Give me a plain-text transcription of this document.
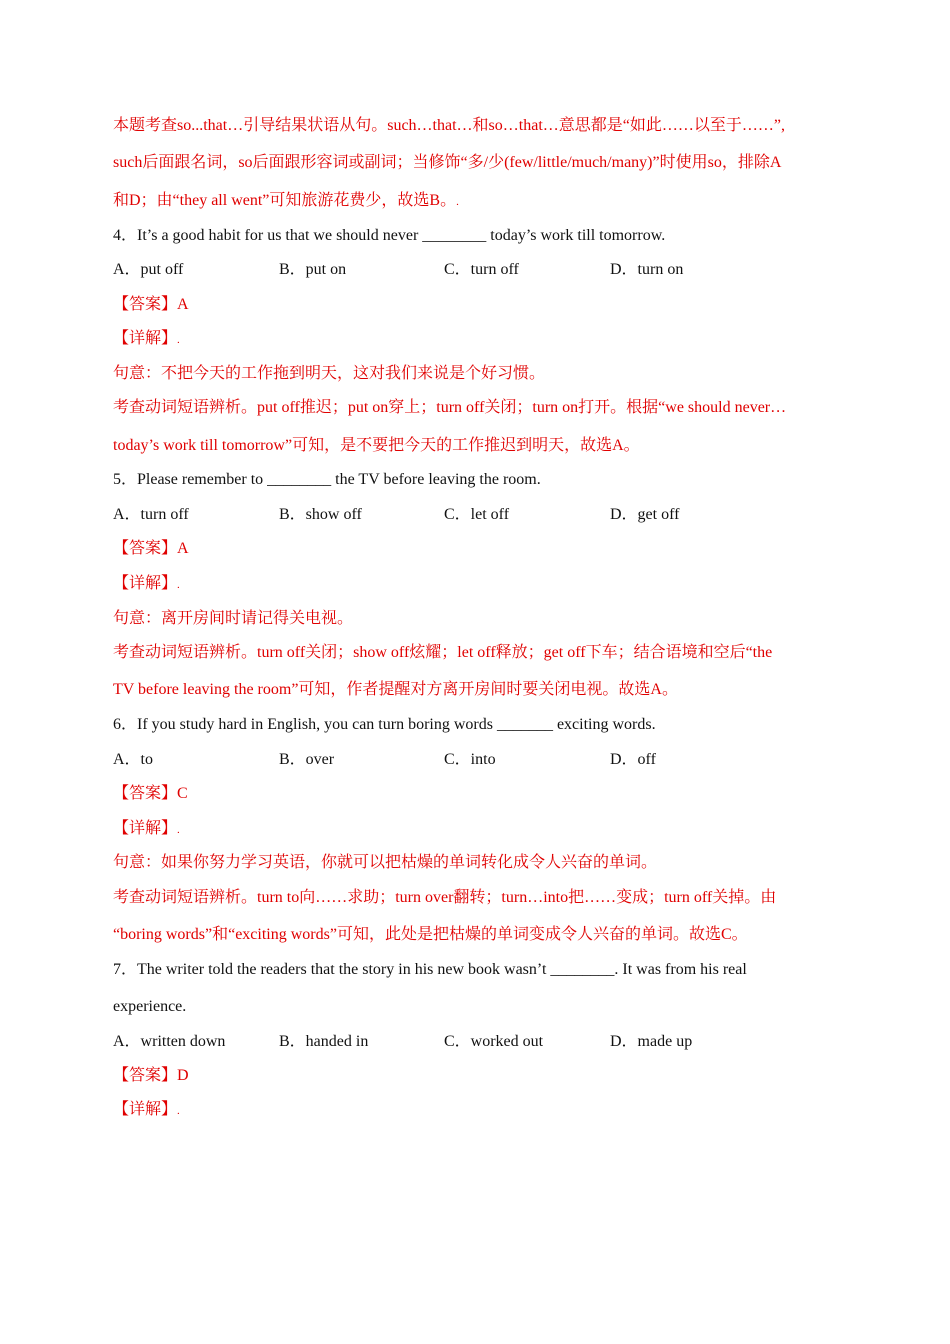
本题考查so...that…引导结果状语从句。such…that…和so…that…意思都是“如此……以至于……”,
such后面跟名词，so后面跟形容词或副词；当修饰“多/少(few/little/much/many)”时使用so，排除A
和D；由“they all went”可知旅游花费少，故选B。.
4．It’s a good habit for us that we should never ________ today’s work till tomorrow.
A．put off	B．put on	C．turn off	D．turn on
【答案】A
【详解】.
句意：不把今天的工作拖到明天，这对我们来说是个好习惯。
考查动词短语辨析。put off推迟；put on穿上；turn off关闭；turn on打开。根据“we should never…
today’s work till tomorrow”可知，是不要把今天的工作推迟到明天，故选A。
5．Please remember to ________ the TV before leaving the room.
A．turn off	B．show off	C．let off	D．get off
【答案】A
【详解】.
句意：离开房间时请记得关电视。
考查动词短语辨析。turn off关闭；show off炫耀；let off释放；get off下车；结合语境和空后“the
TV before leaving the room”可知，作者提醒对方离开房间时要关闭电视。故选A。
6．If you study hard in English, you can turn boring words _______ exciting words.
A．to	B．over	C．into	D．off
【答案】C
【详解】.
句意：如果你努力学习英语，你就可以把枯燥的单词转化成令人兴奋的单词。
考查动词短语辨析。turn to向……求助；turn over翻转；turn…into把……变成；turn off关掉。由
“boring words”和“exciting words”可知，此处是把枯燥的单词变成令人兴奋的单词。故选C。
7．The writer told the readers that the story in his new book wasn’t ________. It was from his real
experience.
A．written down	B．handed in	C．worked out	D．made up
【答案】D
【详解】.
